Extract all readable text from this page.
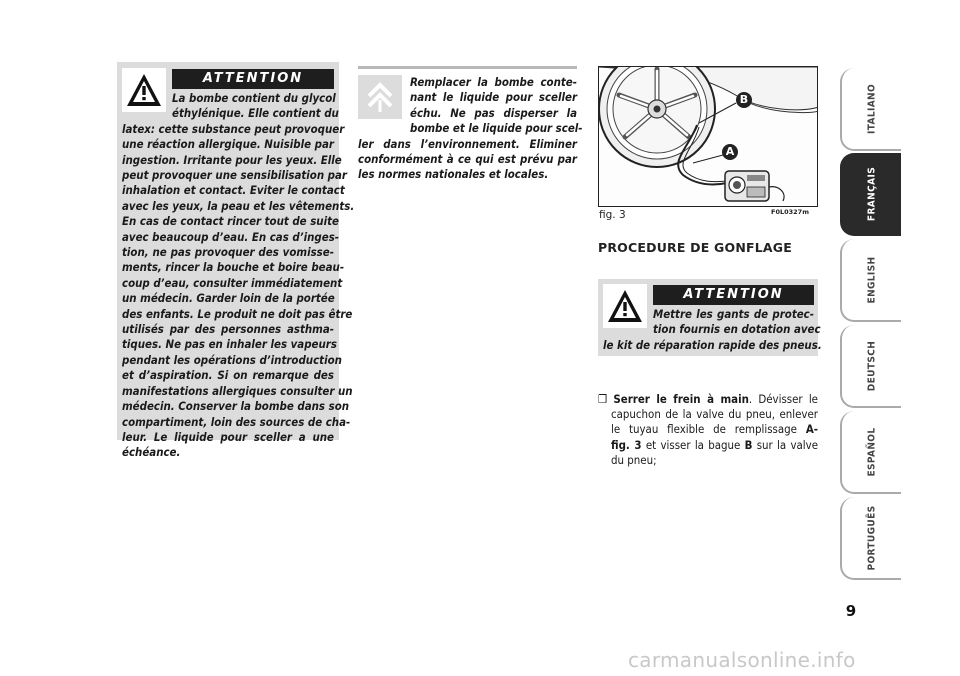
ATTENTION
La bombe contient du glycol
éthylénique. Elle contient du
latex: cette substance peut provoquer
une réaction allergique. Nuisible par
ingestion. Irritante pour les yeux. Elle
peut provoquer une sensibilisation par
inhalation et contact. Eviter le contact
avec les yeux, la peau et les vêtements.
En cas de contact rincer tout de suite
avec beaucoup d’eau. En cas d’inges-
tion, ne pas provoquer des vomisse-
ments, rincer la bouche et boire beau-
coup d’eau, consulter immédiatement
un médecin. Garder loin de la portée
des enfants. Le produit ne doit pas être
utilisés par des personnes asthma-
tiques. Ne pas en inhaler les vapeurs
pendant les opérations d’introduction
et d’aspiration. Si on remarque des
manifestations allergiques consulter un
médecin. Conserver la bombe dans son
compartiment, loin des sources de cha-
leur. Le liquide pour sceller a une
échéance.
Remplacer la bombe conte-
nant le liquide pour sceller
échu. Ne pas disperser la
bombe et le liquide pour scel-
ler dans l’environnement. Eliminer
conformément à ce qui est prévu par
les normes nationales et locales.
B
A
fig. 3	F0L0327m
PROCEDURE DE GONFLAGE
ATTENTION
Mettre les gants de protec-
tion fournis en dotation avec
le kit de réparation rapide des pneus.
❒ Serrer le frein à main. Dévisser le
capuchon de la valve du pneu, enlever
le tuyau flexible de remplissage A-
fig. 3 et visser la bague B sur la valve
du pneu;
ITALIANO
FRANÇAIS
ENGLISH
DEUTSCH
ESPAÑOL
PORTUGUÊS
9
carmanualsonline.info
